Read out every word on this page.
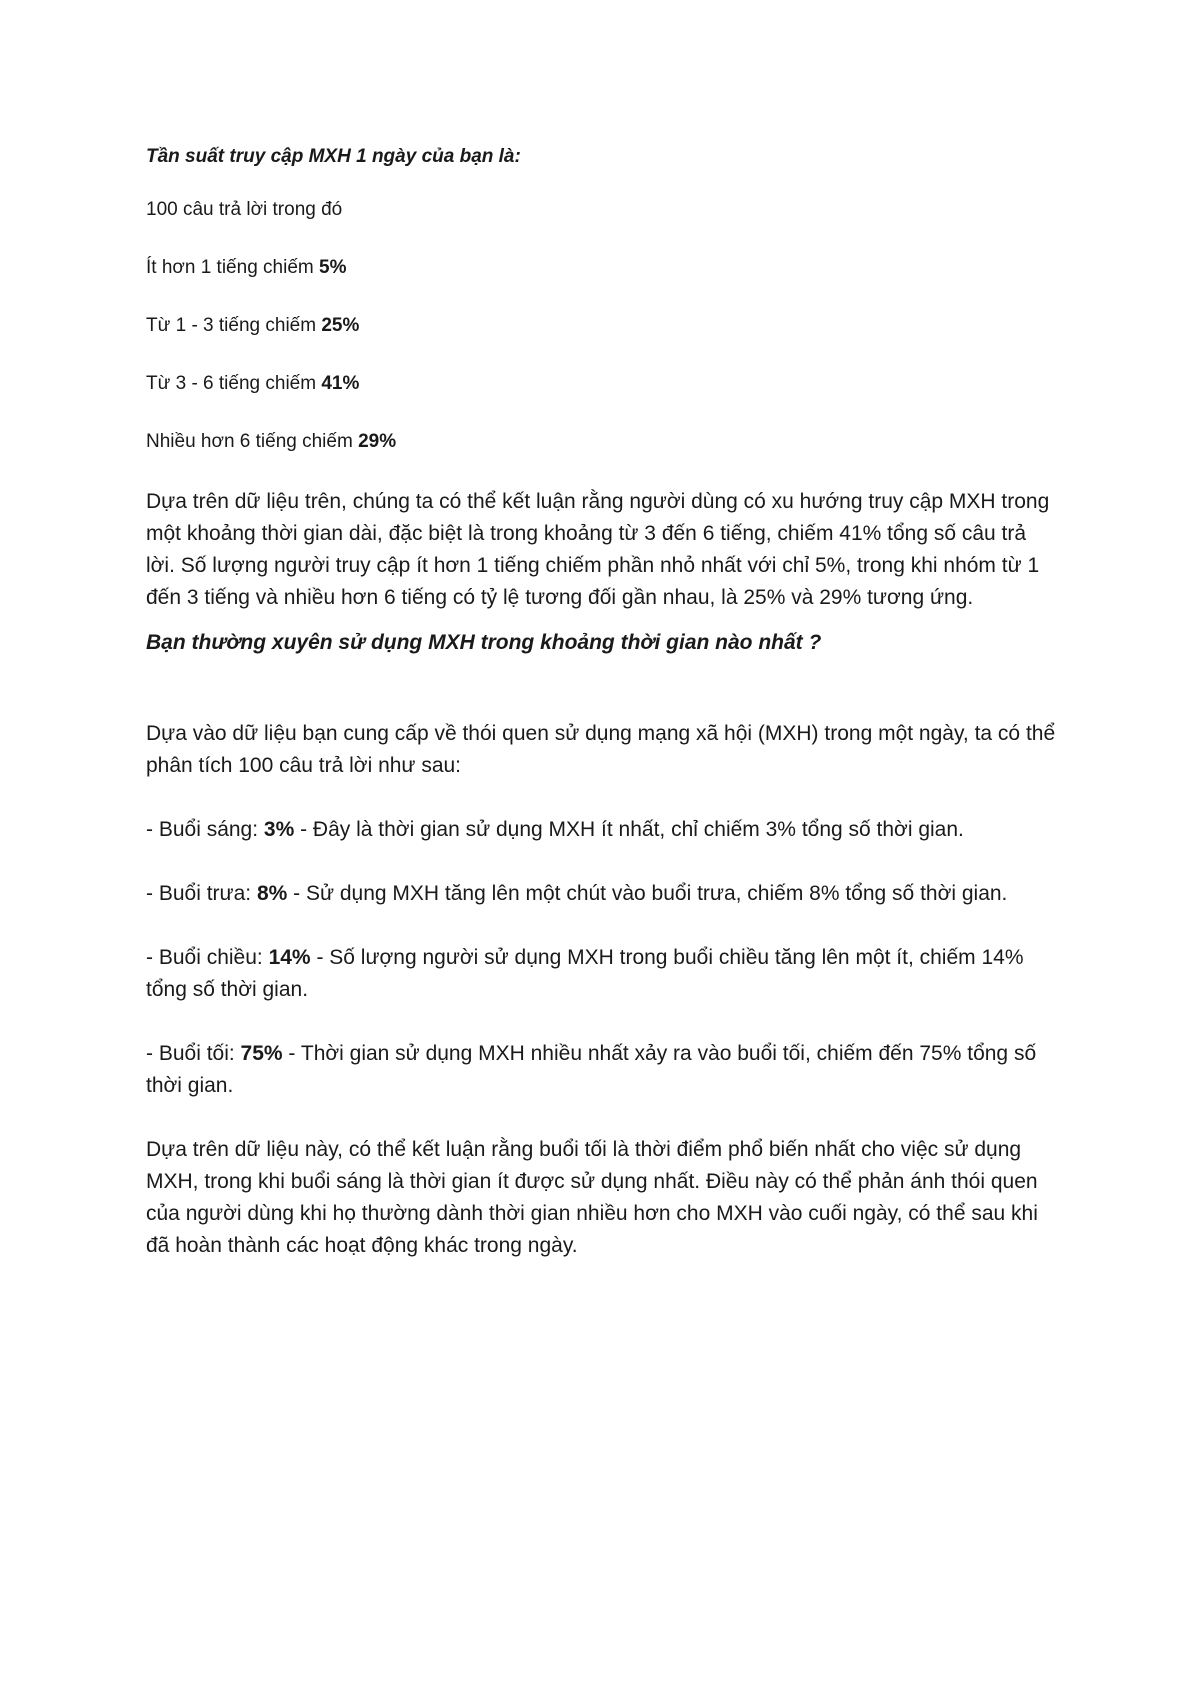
Tần suất truy cập MXH 1 ngày của bạn là:

100 câu trả lời trong đó

Ít hơn 1 tiếng chiếm 5%

Từ 1 - 3 tiếng chiếm 25%

Từ 3 - 6 tiếng chiếm 41%

Nhiều hơn 6 tiếng chiếm 29%

Dựa trên dữ liệu trên, chúng ta có thể kết luận rằng người dùng có xu hướng truy cập MXH trong một khoảng thời gian dài, đặc biệt là trong khoảng từ 3 đến 6 tiếng, chiếm 41% tổng số câu trả lời. Số lượng người truy cập ít hơn 1 tiếng chiếm phần nhỏ nhất với chỉ 5%, trong khi nhóm từ 1 đến 3 tiếng và nhiều hơn 6 tiếng có tỷ lệ tương đối gần nhau, là 25% và 29% tương ứng.

Bạn thường xuyên sử dụng MXH trong khoảng thời gian nào nhất ?

Dựa vào dữ liệu bạn cung cấp về thói quen sử dụng mạng xã hội (MXH) trong một ngày, ta có thể phân tích 100 câu trả lời như sau:

- Buổi sáng: 3% - Đây là thời gian sử dụng MXH ít nhất, chỉ chiếm 3% tổng số thời gian.

- Buổi trưa: 8% - Sử dụng MXH tăng lên một chút vào buổi trưa, chiếm 8% tổng số thời gian.

- Buổi chiều: 14% - Số lượng người sử dụng MXH trong buổi chiều tăng lên một ít, chiếm 14% tổng số thời gian.

- Buổi tối: 75% - Thời gian sử dụng MXH nhiều nhất xảy ra vào buổi tối, chiếm đến 75% tổng số thời gian.

Dựa trên dữ liệu này, có thể kết luận rằng buổi tối là thời điểm phổ biến nhất cho việc sử dụng MXH, trong khi buổi sáng là thời gian ít được sử dụng nhất. Điều này có thể phản ánh thói quen của người dùng khi họ thường dành thời gian nhiều hơn cho MXH vào cuối ngày, có thể sau khi đã hoàn thành các hoạt động khác trong ngày.
